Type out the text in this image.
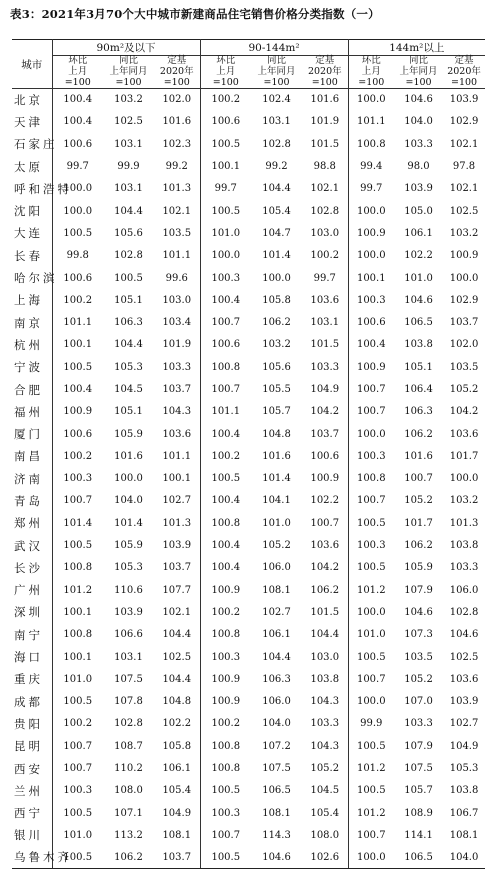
表3：2021年3月70个大中城市新建商品住宅销售价格分类指数（一）
城市	90m²及以下			90-144m²			144m²以上		
	环比	同比	定基	环比	同比	定基	环比	同比	定基
	上月	上年同月	2020年	上月	上年同月	2020年	上月	上年同月	2020年
	=100	=100	=100	=100	=100	=100	=100	=100	=100
北京	100.4	103.2	102.0	100.2	102.4	101.6	100.0	104.6	103.9
天津	100.4	102.5	101.6	100.6	103.1	101.9	101.1	104.0	102.9
石家庄	100.6	103.1	102.3	100.5	102.8	101.5	100.8	103.3	102.1
太原	99.7	99.9	99.2	100.1	99.2	98.8	99.4	98.0	97.8
呼和浩特	100.0	103.1	101.3	99.7	104.4	102.1	99.7	103.9	102.1
沈阳	100.0	104.4	102.1	100.5	105.4	102.8	100.0	105.0	102.5
大连	100.5	105.6	103.5	101.0	104.7	103.0	100.9	106.1	103.2
长春	99.8	102.8	101.1	100.0	101.4	100.2	100.0	102.2	100.9
哈尔滨	100.6	100.5	99.6	100.3	100.0	99.7	100.1	101.0	100.0
上海	100.2	105.1	103.0	100.4	105.8	103.6	100.3	104.6	102.9
南京	101.1	106.3	103.4	100.7	106.2	103.1	100.6	106.5	103.7
杭州	100.1	104.4	101.9	100.6	103.2	101.5	100.4	103.8	102.0
宁波	100.5	105.3	103.3	100.8	105.6	103.3	100.9	105.1	103.5
合肥	100.4	104.5	103.7	100.7	105.5	104.9	100.7	106.4	105.2
福州	100.9	105.1	104.3	101.1	105.7	104.2	100.7	106.3	104.2
厦门	100.6	105.9	103.6	100.4	104.8	103.7	100.0	106.2	103.6
南昌	100.2	101.6	101.1	100.2	101.6	100.6	100.3	101.6	101.7
济南	100.3	100.0	100.1	100.5	101.4	100.9	100.8	100.7	100.0
青岛	100.7	104.0	102.7	100.4	104.1	102.2	100.7	105.2	103.2
郑州	101.4	101.4	101.3	100.8	101.0	100.7	100.5	101.7	101.3
武汉	100.5	105.9	103.9	100.4	105.2	103.6	100.3	106.2	103.8
长沙	100.8	105.3	103.7	100.4	106.0	104.2	100.5	105.9	103.3
广州	101.2	110.6	107.7	100.9	108.1	106.2	101.2	107.9	106.0
深圳	100.1	103.9	102.1	100.2	102.7	101.5	100.0	104.6	102.8
南宁	100.8	106.6	104.4	100.8	106.1	104.4	101.0	107.3	104.6
海口	100.1	103.1	102.5	100.3	104.4	103.0	100.5	103.5	102.5
重庆	101.0	107.5	104.4	100.9	106.3	103.8	100.7	105.2	103.6
成都	100.5	107.8	104.8	100.9	106.0	104.3	100.0	107.0	103.9
贵阳	100.2	102.8	102.2	100.2	104.0	103.3	99.9	103.3	102.7
昆明	100.7	108.7	105.8	100.8	107.2	104.3	100.5	107.9	104.9
西安	100.7	110.2	106.1	100.8	107.5	105.2	101.2	107.5	105.3
兰州	100.3	108.0	105.4	100.5	106.5	104.5	100.5	105.7	103.8
西宁	100.5	107.1	104.9	100.3	108.1	105.4	101.2	108.9	106.7
银川	101.0	113.2	108.1	100.7	114.3	108.0	100.7	114.1	108.1
乌鲁木齐	100.5	106.2	103.7	100.5	104.6	102.6	100.0	106.5	104.0
